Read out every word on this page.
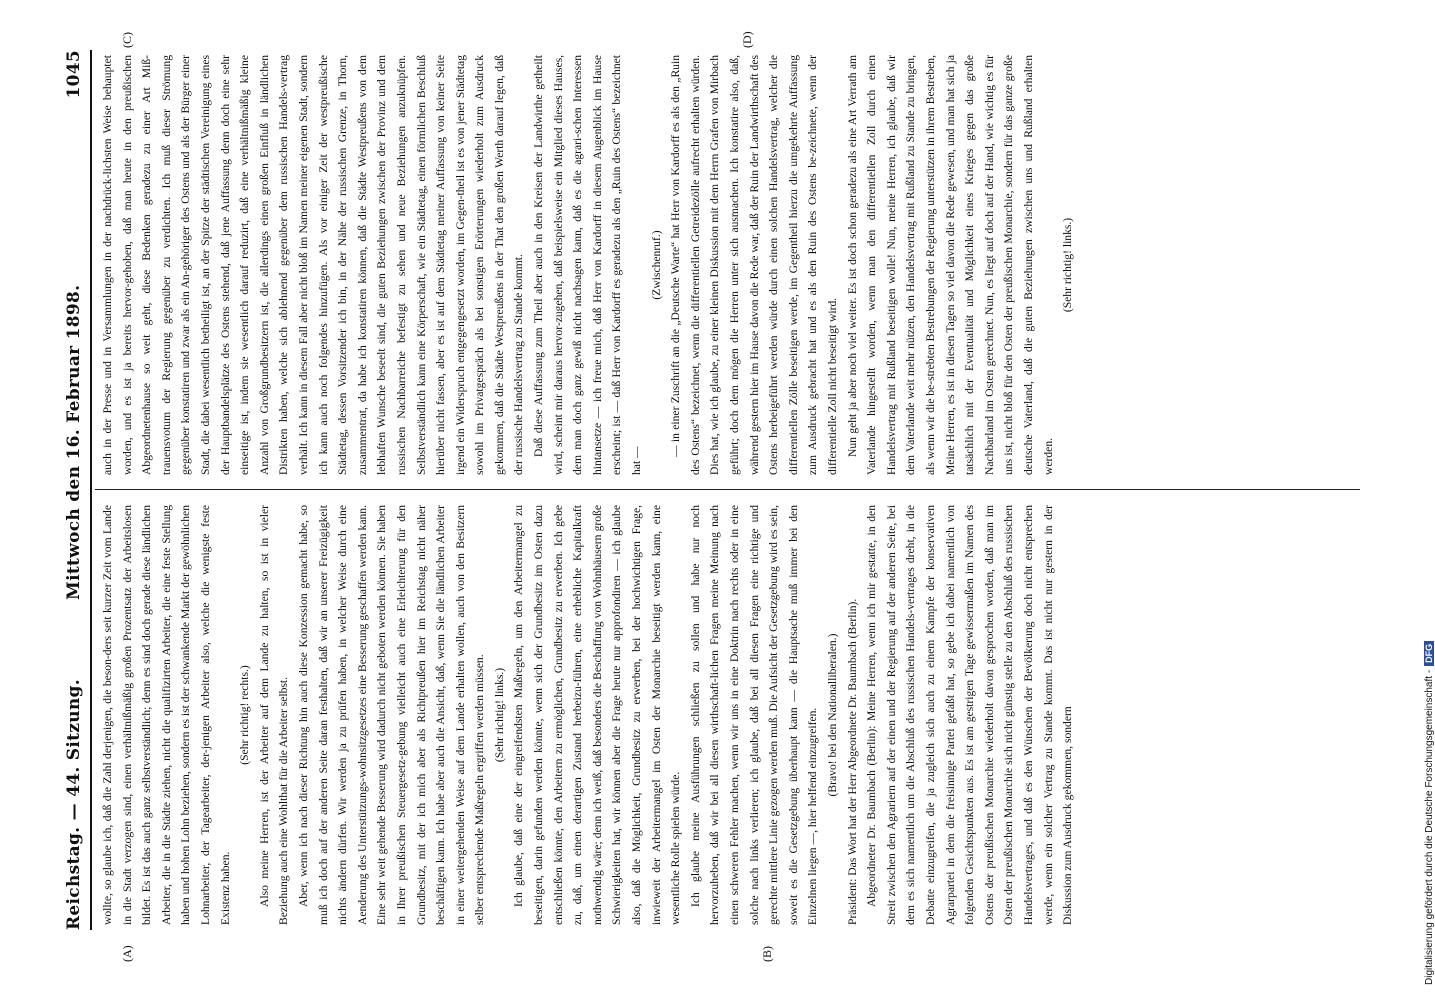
Reichstag. — 44. Sitzung.
Mittwoch den 16. Februar 1898.
1045
(A)	(B)
(C)	(D)

wollte, so glaube ich, daß die Zahl derjenigen, die beson-ders seit kurzer Zeit vom Lande in die Stadt verzogen sind, einen verhältnißmäßig großen Prozentsatz der Arbeitslosen bildet. Es ist das auch ganz selbstverständlich; denn es sind doch gerade diese ländlichen Arbeiter, die in die Städte ziehen, nicht die qualifizirten Arbeiter, die eine feste Stellung haben und hohen Lohn beziehen, sondern es ist der schwankende Markt der gewöhnlichen Lohnarbeiter, der Tagearbeiter, der-jenigen Arbeiter also, welche die wenigste feste Existenz haben.

(Sehr richtig! rechts.) Also meine Herren, ist der Arbeiter auf dem Lande zu halten, so ist in vieler Beziehung auch eine Wohlthat für die Arbeiter selbst. Aber, wenn ich nach dieser Richtung hin auch diese Konzession gemacht habe, so muß ich doch auf der anderen Seite daran festhalten, daß wir an unserer Freizügigkeit nichts ändern dürfen. Wir werden ja zu prüfen haben, in welcher Weise durch eine Aenderung des Unterstützungs-wohnsitzgesetzes eine Besserung geschaffen werden kann. Eine sehr weit gehende Besserung wird dadurch nicht geboten werden können. Sie haben in Ihrer preußischen Steuergesetz-gebung vielleicht auch eine Erleichterung für den Grundbesitz, mit der ich mich aber als Richtpreußen hier im Reichstag nicht näher beschäftigen kann. Ich habe aber auch die Ansicht, daß, wenn Sie die ländlichen Arbeiter in einer weitergehenden Weise auf dem Lande erhalten wollen, auch von den Besitzern selber entsprechende Maßregeln ergriffen werden müssen. (Sehr richtig! links.) Ich glaube, daß eine der eingreifendsten Maßregeln, um den Arbeitermangel zu beseitigen, darin gefunden werden könnte, wenn sich der Grundbesitz im Osten dazu entschließen könnte, den Arbeitern zu ermöglichen, Grundbesitz zu erwerben. Ich gebe zu, daß, um einen derartigen Zustand herbeizu-führen, eine erhebliche Kapitalkraft nothwendig wäre; denn ich weiß, daß besonders die Beschaffung von Wohnhäusern große Schwierigkeiten hat, wir können aber die Frage heute nur approfondiren — ich glaube also, daß die Möglichkeit, Grundbesitz zu erwerben, bei der hochwichtigen Frage, inwieweit der Arbeitermangel im Osten der Monarchie beseitigt werden kann, eine wesentliche Rolle spielen würde. Ich glaube meine Ausführungen schließen zu sollen und habe nur noch hervorzuheben, daß wir bei all diesen wirthschaft-lichen Fragen meine Meinung nach einen schweren Fehler machen, wenn wir uns in eine Doktrin nach rechts oder in eine solche nach links verlieren; ich glaube, daß bei all diesen Fragen eine richtige und gerechte mittlere Linie gezogen werden muß. Die Aufsicht der Gesetzgebung wird es sein, soweit es die Gesetzgebung überhaupt kann — die Hauptsache muß immer bei den Einzelnen liegen —, hier helfend einzugreifen. (Bravo! bei den Nationalliberalen.) Präsident: Das Wort hat der Herr Abgeordnete Dr. Baumbach (Berlin). Abgeordneter Dr. Baumbach (Berlin): Meine Herren, wenn ich mir gestatte, in den Streit zwischen den Agrariern auf der einen und der Regierung auf der anderen Seite, bei dem es sich namentlich um die Abschluß des russischen Handels-vertrages dreht, in die Debatte einzugreifen, die ja zugleich sich auch zu einem Kampfe der konservativen Agrarpartei in dem die freisinnige Partei gefaßt hat, so gebe ich dabei namentlich von folgenden Gesichtspunkten aus. Es ist am gestrigen Tage gewissermaßen im Namen des Ostens der preußischen Monarchie wiederholt davon gesprochen worden, daß man im Osten der preußischen Monarchie sich nicht günstig stelle zu den Abschluß des russischen Handelsvertrages, und daß es den Wünschen der Bevölkerung doch nicht entsprechen werde, wenn ein solcher Vertrag zu Stande kommt. Das ist nicht nur gestern in der Diskussion zum Ausdruck gekommen, sondern

auch in der Presse und in Versammlungen in der nachdrück-lichsten Weise behauptet worden, und es ist ja bereits hervor-gehoben, daß man heute in den preußischen Abgeordnetenhause so weit geht, diese Bedenken geradezu zu einer Art Miß-trauensvotum der Regierung gegenüber zu verdichten. Ich muß dieser Strömung gegenüber konstatiren und zwar als ein An-gehöriger des Ostens und als der Bürger einer Stadt, die dabei wesentlich betheiligt ist, an der Spitze der städtischen Vereinigung eines der Hauptbandelsplätze des Ostens stehend, daß jene Auffassung denn doch eine sehr einseitige ist, indem sie wesentlich darauf reduzirt, daß eine verhältnißmäßig kleine Anzahl von Großgrundbesitzern ist, die allerdings einen großen Einfluß in ländlichen Distrikten haben, welche sich ablehnend gegenüber dem russischen Handels-vertrag verhält. Ich kann in diesem Fall aber nicht bloß im Namen meiner eigenen Stadt, sondern ich kann auch noch folgendes hinzufügen. Als vor einiger Zeit der westpreußische Städtetag, dessen Vorsitzender ich bin, in der Nähe der russischen Grenze, in Thorn, zusammentrat, da habe ich konstatiren können, daß die Städte Westpreußens von dem lebhaften Wunsche beseelt sind, die guten Beziehungen zwischen der Provinz und dem russischen Nachbarreiche befestigt zu sehen und neue Beziehungen anzuknüpfen. Selbstverständlich kann eine Körperschaft, wie ein Städtetag, einen förmlichen Beschluß hierüber nicht fassen, aber es ist auf dem Städtetag meiner Auffassung von keiner Seite irgend ein Widerspruch entgegengesetzt worden, im Gegen-theil ist es von jener Städtetag sowohl im Privatgespräch als bei sonstigen Erörterungen wiederholt zum Ausdruck gekommen, daß die Städte Westpreußens in der That den großen Werth darauf legen, daß der russische Handelsvertrag zu Stande kommt. Daß diese Auffassung zum Theil aber auch in den Kreisen der Landwirthe getheilt wird, scheint mir daraus hervor-zugehen, daß beispielsweise ein Mitglied dieses Hauses, dem man doch ganz gewiß nicht nachsagen kann, daß es die agrari-schen Interessen hintansetze — ich freue mich, daß Herr von Kardorff in diesem Augenblick im Hause erscheint; ist — daß Herr von Kardorff es geradezu als den „Ruin des Ostens“ bezeichnet hat —

(Zwischenruf.) — in einer Zuschrift an die „Deutsche Warte“ hat Herr von Kardorff es als den „Ruin des Ostens“ bezeichnet, wenn die differentiellen Getreidezölle aufrecht erhalten würden. Dies hat, wie ich glaube, zu einer kleinen Diskussion mit dem Herrn Grafen von Mirbach geführt; doch dem mögen die Herren unter sich ausmachen. Ich konstatire also, daß, während gestern hier im Hause davon die Rede war, daß der Ruin der Landwirthschaft des Ostens herbeigeführt werden würde durch einen solchen Handelsvertrag, welcher die differentiellen Zölle beseitigen werde, im Gegentheil hierzu die umgekehrte Auffassung zum Ausdruck gebracht hat und es als den Ruin des Ostens be-zeichnete, wenn der differentielle Zoll nicht beseitigt wird. Nun geht ja aber noch viel weiter. Es ist doch schon geradezu als eine Art Verrath am Vaterlande hingestellt worden, wenn man den differentiellen Zoll durch einen Handelsvertrag mit Rußland beseitigen wolle! Nun, meine Herren, ich glaube, daß wir dem Vaterlande weit mehr nützen, den Handelsvertrag mit Rußland zu Stande zu bringen, als wenn wir die be-strebten Bestrebungen der Regierung unterstützen in ihrem Bestreben, Meine Herren, es ist in diesen Tagen so viel davon die Rede gewesen, und man hat sich ja tatsächlich mit der Eventualität und Möglichkeit eines Krieges gegen das große Nachbarland im Osten gerechnet. Nun, es liegt auf doch auf der Hand, wie wichtig es für uns ist, nicht bloß für den Osten der preußischen Monarchie, sondern für das ganze große deutsche Vaterland, daß die guten Beziehungen zwischen uns und Rußland erhalten werden.

(Sehr richtig! links.)

Digitalisierung gefördert durch die Deutsche Forschungsgemeinschaft -DFG
